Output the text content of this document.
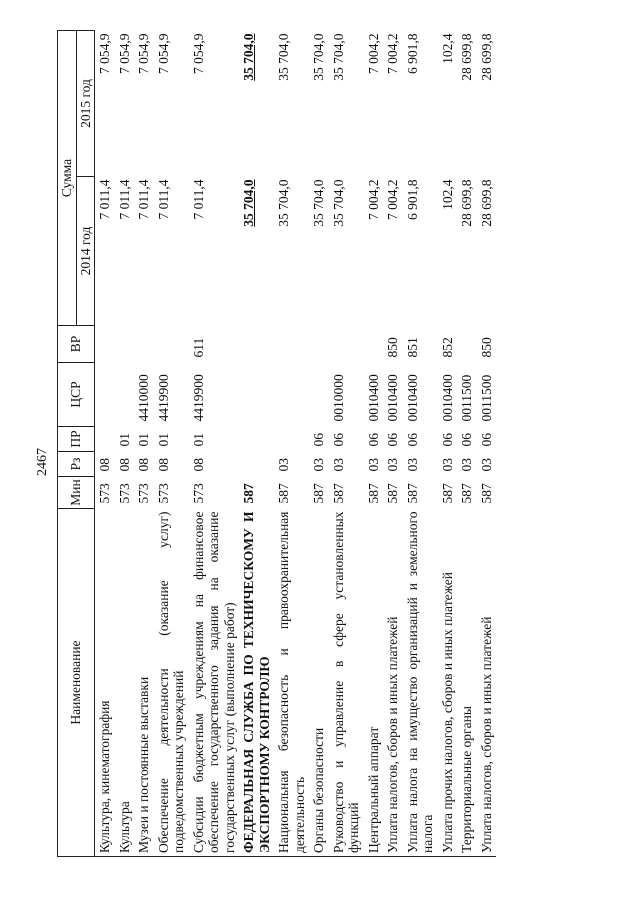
2467
Наименование	Мин	Рз	ПР	ЦСР	ВР	Сумма	
						2014 год	2015 год
Культура, кинематография	573	08				7 011,4	7 054,9
Культура	573	08	01			7 011,4	7 054,9
Музеи и постоянные выставки	573	08	01	4410000		7 011,4	7 054,9
Обеспечение деятельности (оказание услуг) подведомственных учреждений	573	08	01	4419900		7 011,4	7 054,9
Субсидии бюджетным учреждениям на финансовое обеспечение государственного задания на оказание государственных услуг (выполнение работ)	573	08	01	4419900	611	7 011,4	7 054,9
ФЕДЕРАЛЬНАЯ СЛУЖБА ПО ТЕХНИЧЕСКОМУ И ЭКСПОРТНОМУ КОНТРОЛЮ	587					35 704,0	35 704,0
Национальная безопасность и правоохранительная деятельность	587	03				35 704,0	35 704,0
Органы безопасности	587	03	06			35 704,0	35 704,0
Руководство и управление в сфере установленных функций	587	03	06	0010000		35 704,0	35 704,0
Центральный аппарат	587	03	06	0010400		7 004,2	7 004,2
Уплата налогов, сборов и иных платежей	587	03	06	0010400	850	7 004,2	7 004,2
Уплата налога на имущество организаций и земельного налога	587	03	06	0010400	851	6 901,8	6 901,8
Уплата прочих налогов, сборов и иных платежей	587	03	06	0010400	852	102,4	102,4
Территориальные органы	587	03	06	0011500		28 699,8	28 699,8
Уплата налогов, сборов и иных платежей	587	03	06	0011500	850	28 699,8	28 699,8
